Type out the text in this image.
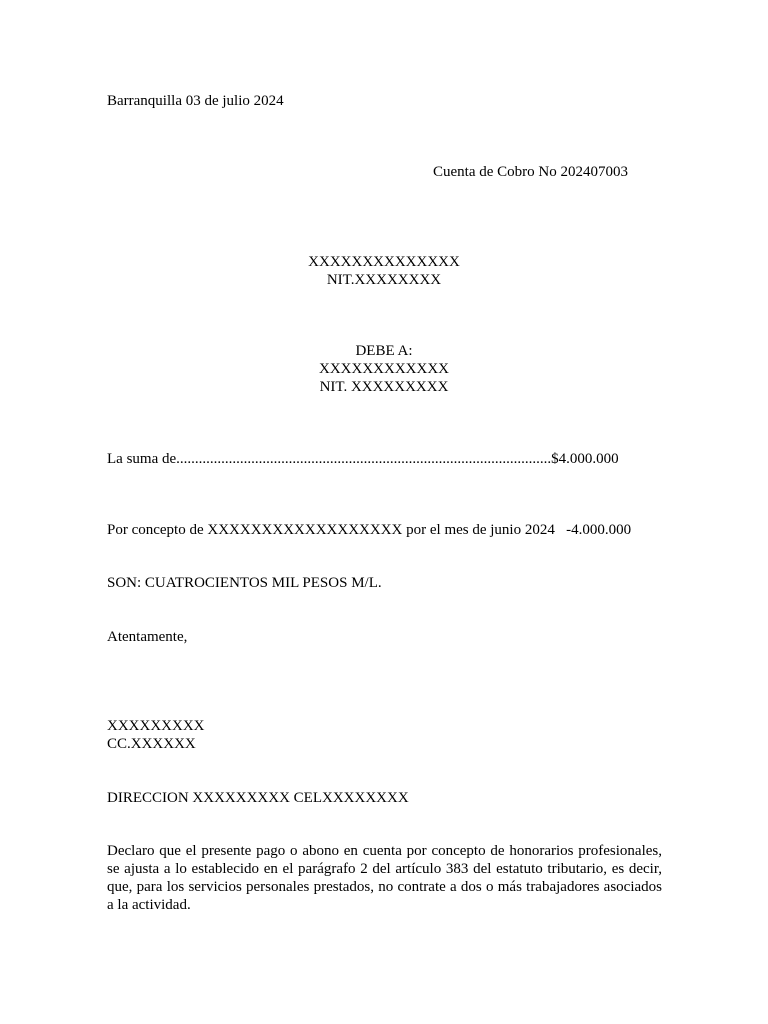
Barranquilla 03 de julio 2024
Cuenta de Cobro No 202407003
XXXXXXXXXXXXXX
NIT.XXXXXXXX
DEBE A:
XXXXXXXXXXXX
NIT. XXXXXXXXX
La suma de....................................................................................................$4.000.000
Por concepto de XXXXXXXXXXXXXXXXXX por el mes de junio 2024   -4.000.000
SON: CUATROCIENTOS MIL PESOS M/L.
Atentamente,
XXXXXXXXX
CC.XXXXXX
DIRECCION XXXXXXXXX CELXXXXXXXX
Declaro que el presente pago o abono en cuenta por concepto de honorarios profesionales, se ajusta a lo establecido en el parágrafo 2 del artículo 383 del estatuto tributario, es decir, que, para los servicios personales prestados, no contrate a dos o más trabajadores asociados a la actividad.
